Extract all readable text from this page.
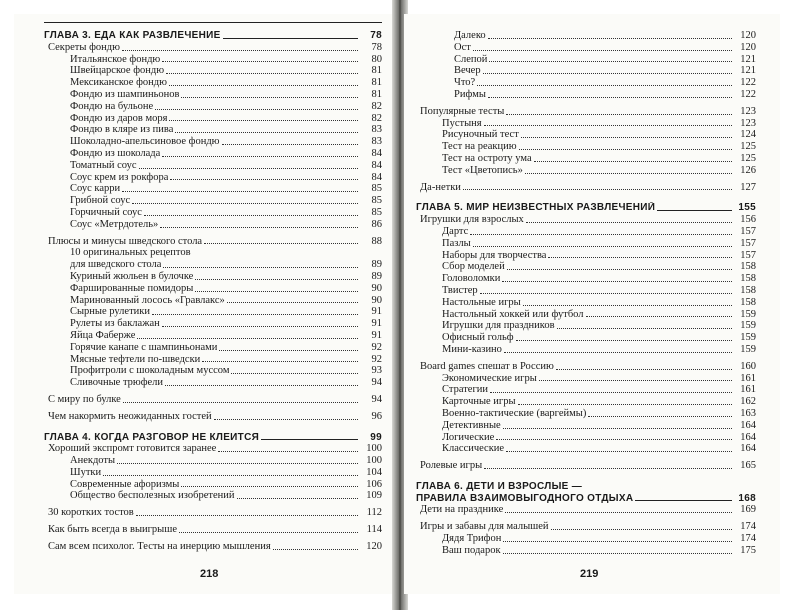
ГЛАВА 3. ЕДА КАК РАЗВЛЕЧЕНИЕ	78
Секреты фондю	78
Итальянское фондю	80
Швейцарское фондю	81
Мексиканское фондю	81
Фондю из шампиньонов	81
Фондю на бульоне	82
Фондю из даров моря	82
Фондю в кляре из пива	83
Шоколадно-апельсиновое фондю	83
Фондю из шоколада	84
Томатный соус	84
Соус крем из рокфора	84
Соус карри	85
Грибной соус	85
Горчичный соус	85
Соус «Метрдотель»	86
Плюсы и минусы шведского стола	88
10 оригинальных рецептов
для шведского стола	89
Куриный жюльен в булочке	89
Фаршированные помидоры	90
Маринованный лосось «Гравлакс»	90
Сырные рулетики	91
Рулеты из баклажан	91
Яйца Фаберже	91
Горячие канапе с шампиньонами	92
Мясные тефтели по-шведски	92
Профитроли с шоколадным муссом	93
Сливочные трюфели	94
С миру по булке	94
Чем накормить неожиданных гостей	96
ГЛАВА 4. КОГДА РАЗГОВОР НЕ КЛЕИТСЯ	99
Хороший экспромт готовится заранее	100
Анекдоты	100
Шутки	104
Современные афоризмы	106
Общество бесполезных изобретений	109
30 коротких тостов	112
Как быть всегда в выигрыше	114
Сам всем психолог. Тесты на инерцию мышления	120
218
Далеко	120
Ост	120
Слепой	121
Вечер	121
Что?	122
Рифмы	122
Популярные тесты	123
Пустыня	123
Рисуночный тест	124
Тест на реакцию	125
Тест на остроту ума	125
Тест «Цветопись»	126
Да-нетки	127
ГЛАВА 5. МИР НЕИЗВЕСТНЫХ РАЗВЛЕЧЕНИЙ	155
Игрушки для взрослых	156
Дартс	157
Пазлы	157
Наборы для творчества	157
Сбор моделей	158
Головоломки	158
Твистер	158
Настольные игры	158
Настольный хоккей или футбол	159
Игрушки для праздников	159
Офисный гольф	159
Мини-казино	159
Board games спешат в Россию	160
Экономические игры	161
Стратегии	161
Карточные игры	162
Военно-тактические (варгеймы)	163
Детективные	164
Логические	164
Классические	164
Ролевые игры	165
ГЛАВА 6. ДЕТИ И ВЗРОСЛЫЕ —
ПРАВИЛА ВЗАИМОВЫГОДНОГО ОТДЫХА	168
Дети на празднике	169
Игры и забавы для малышей	174
Дядя Трифон	174
Ваш подарок	175
219
